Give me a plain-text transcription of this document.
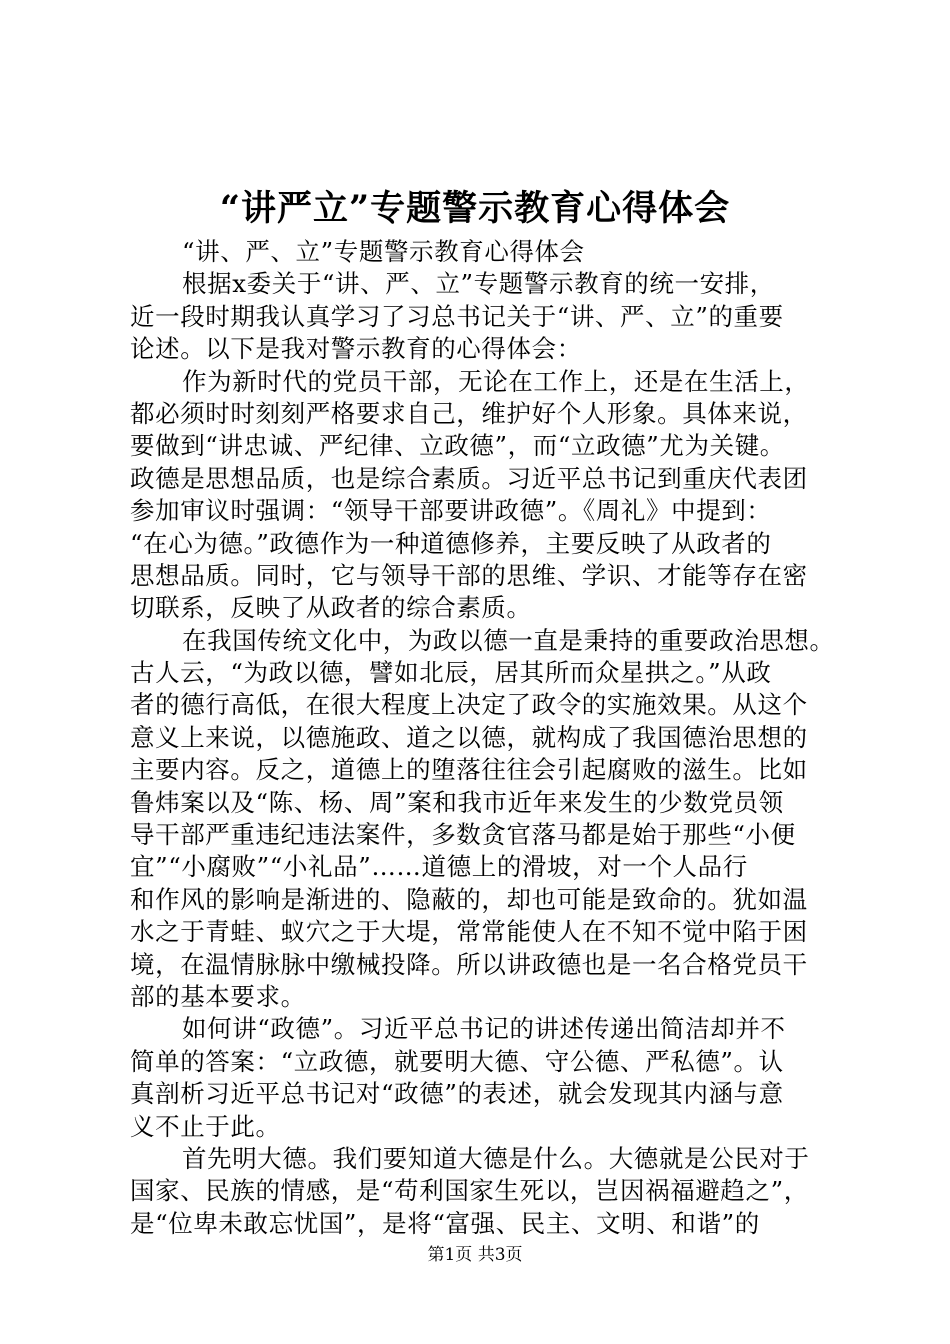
“讲严立”专题警示教育心得体会
“讲、严、立”专题警示教育心得体会
根据x委关于“讲、严、立”专题警示教育的统一安排，
近一段时期我认真学习了习总书记关于“讲、严、立”的重要
论述。以下是我对警示教育的心得体会：
作为新时代的党员干部，无论在工作上，还是在生活上，
都必须时时刻刻严格要求自己，维护好个人形象。具体来说，
要做到“讲忠诚、严纪律、立政德”，而“立政德”尤为关键。
政德是思想品质，也是综合素质。习近平总书记到重庆代表团
参加审议时强调：“领导干部要讲政德”。《周礼》中提到：
“在心为德。”政德作为一种道德修养，主要反映了从政者的
思想品质。同时，它与领导干部的思维、学识、才能等存在密
切联系，反映了从政者的综合素质。
在我国传统文化中，为政以德一直是秉持的重要政治思想。
古人云，“为政以德，譬如北辰，居其所而众星拱之。”从政
者的德行高低，在很大程度上决定了政令的实施效果。从这个
意义上来说，以德施政、道之以德，就构成了我国德治思想的
主要内容。反之，道德上的堕落往往会引起腐败的滋生。比如
鲁炜案以及“陈、杨、周”案和我市近年来发生的少数党员领
导干部严重违纪违法案件，多数贪官落马都是始于那些“小便
宜”“小腐败”“小礼品”……道德上的滑坡，对一个人品行
和作风的影响是渐进的、隐蔽的，却也可能是致命的。犹如温
水之于青蛙、蚁穴之于大堤，常常能使人在不知不觉中陷于困
境，在温情脉脉中缴械投降。所以讲政德也是一名合格党员干
部的基本要求。
如何讲“政德”。习近平总书记的讲述传递出简洁却并不
简单的答案：“立政德，就要明大德、守公德、严私德”。认
真剖析习近平总书记对“政德”的表述，就会发现其内涵与意
义不止于此。
首先明大德。我们要知道大德是什么。大德就是公民对于
国家、民族的情感，是“苟利国家生死以，岂因祸福避趋之”，
是“位卑未敢忘忧国”，是将“富强、民主、文明、和谐”的
第1页 共3页
